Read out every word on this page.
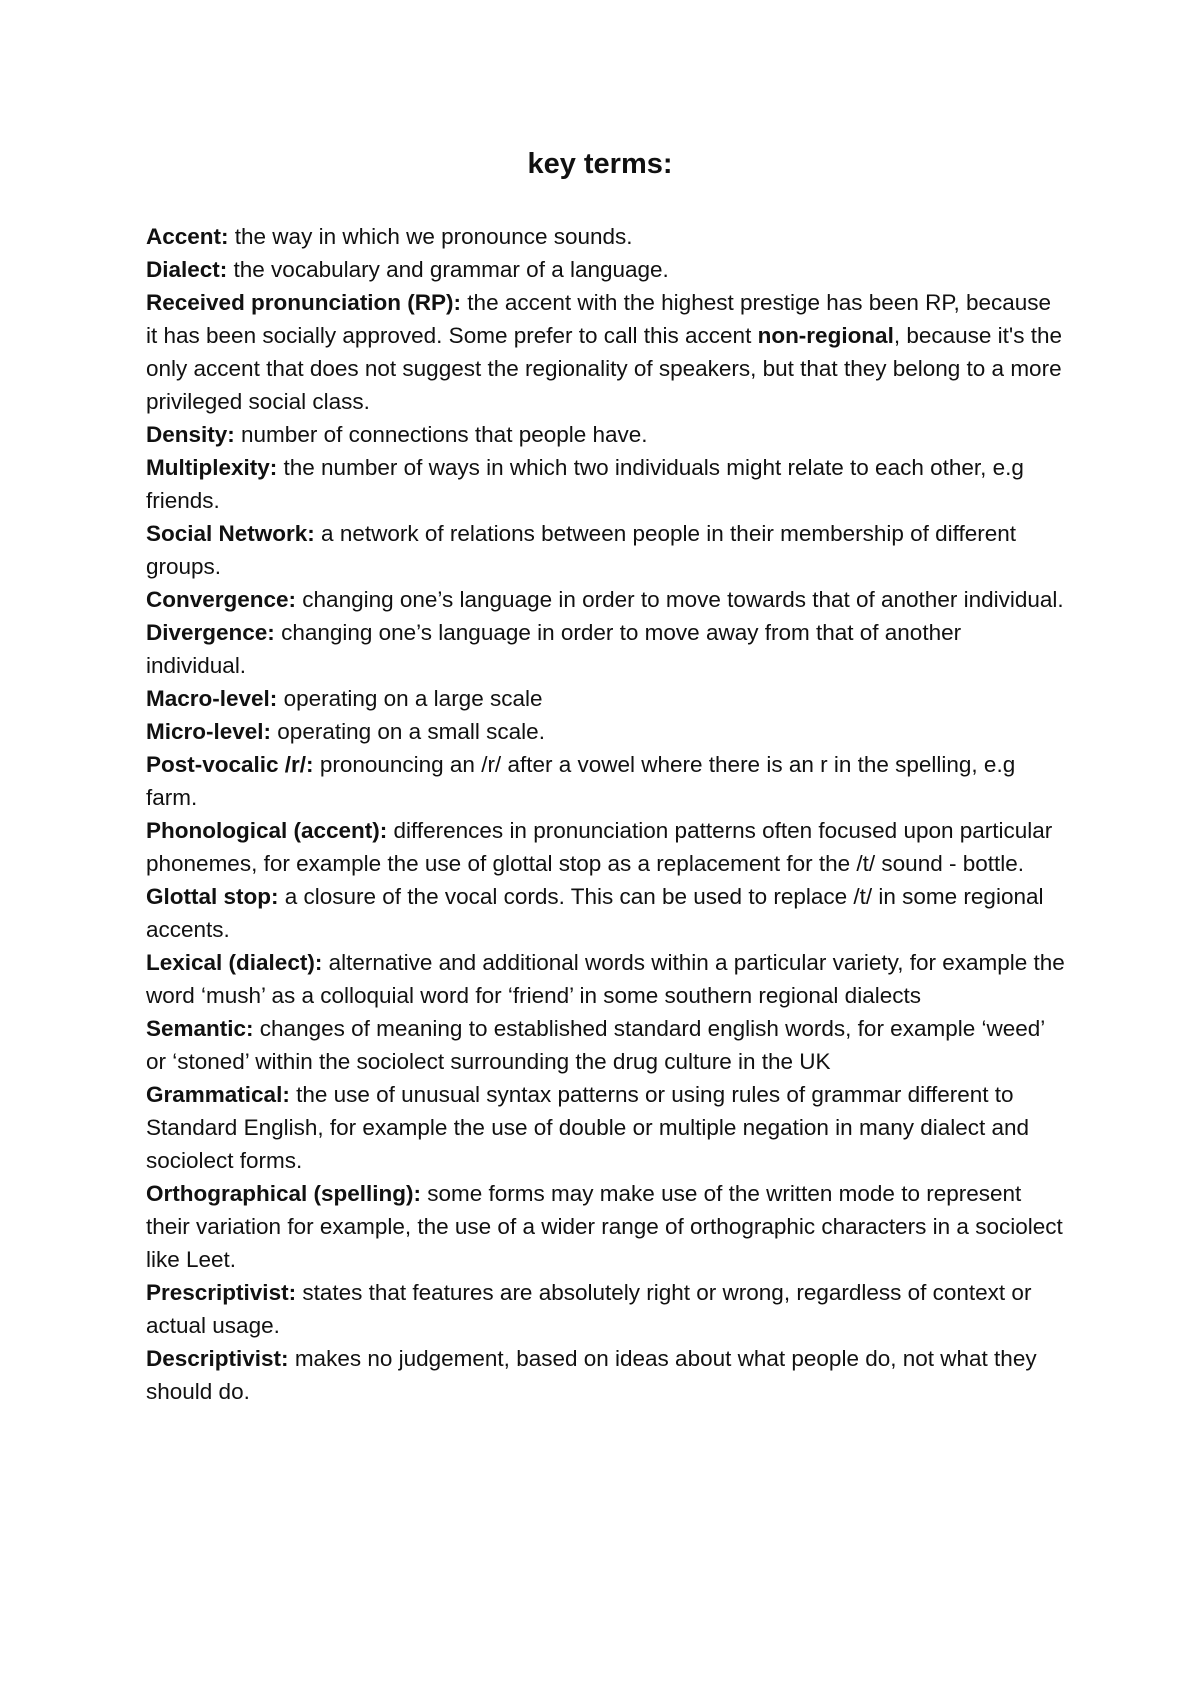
key terms:

Accent: the way in which we pronounce sounds.

Dialect: the vocabulary and grammar of a language.

Received pronunciation (RP): the accent with the highest prestige has been RP, because it has been socially approved. Some prefer to call this accent non-regional, because it's the only accent that does not suggest the regionality of speakers, but that they belong to a more privileged social class.

Density: number of connections that people have.

Multiplexity: the number of ways in which two individuals might relate to each other, e.g friends.

Social Network: a network of relations between people in their membership of different groups.

Convergence: changing one’s language in order to move towards that of another individual.

Divergence: changing one’s language in order to move away from that of another individual.

Macro-level: operating on a large scale

Micro-level: operating on a small scale.

Post-vocalic /r/: pronouncing an /r/ after a vowel where there is an r in the spelling, e.g farm.

Phonological (accent): differences in pronunciation patterns often focused upon particular phonemes, for example the use of glottal stop as a replacement for the /t/ sound - bottle.

Glottal stop: a closure of the vocal cords. This can be used to replace /t/ in some regional accents.

Lexical (dialect): alternative and additional words within a particular variety, for example the word ‘mush’ as a colloquial word for ‘friend’ in some southern regional dialects

Semantic: changes of meaning to established standard english words, for example ‘weed’ or ‘stoned’ within the sociolect surrounding the drug culture in the UK

Grammatical: the use of unusual syntax patterns or using rules of grammar different to Standard English, for example the use of double or multiple negation in many dialect and sociolect forms.

Orthographical (spelling): some forms may make use of the written mode to represent their variation for example, the use of a wider range of orthographic characters in a sociolect like Leet.

Prescriptivist: states that features are absolutely right or wrong, regardless of context or actual usage.

Descriptivist: makes no judgement, based on ideas about what people do, not what they should do.
